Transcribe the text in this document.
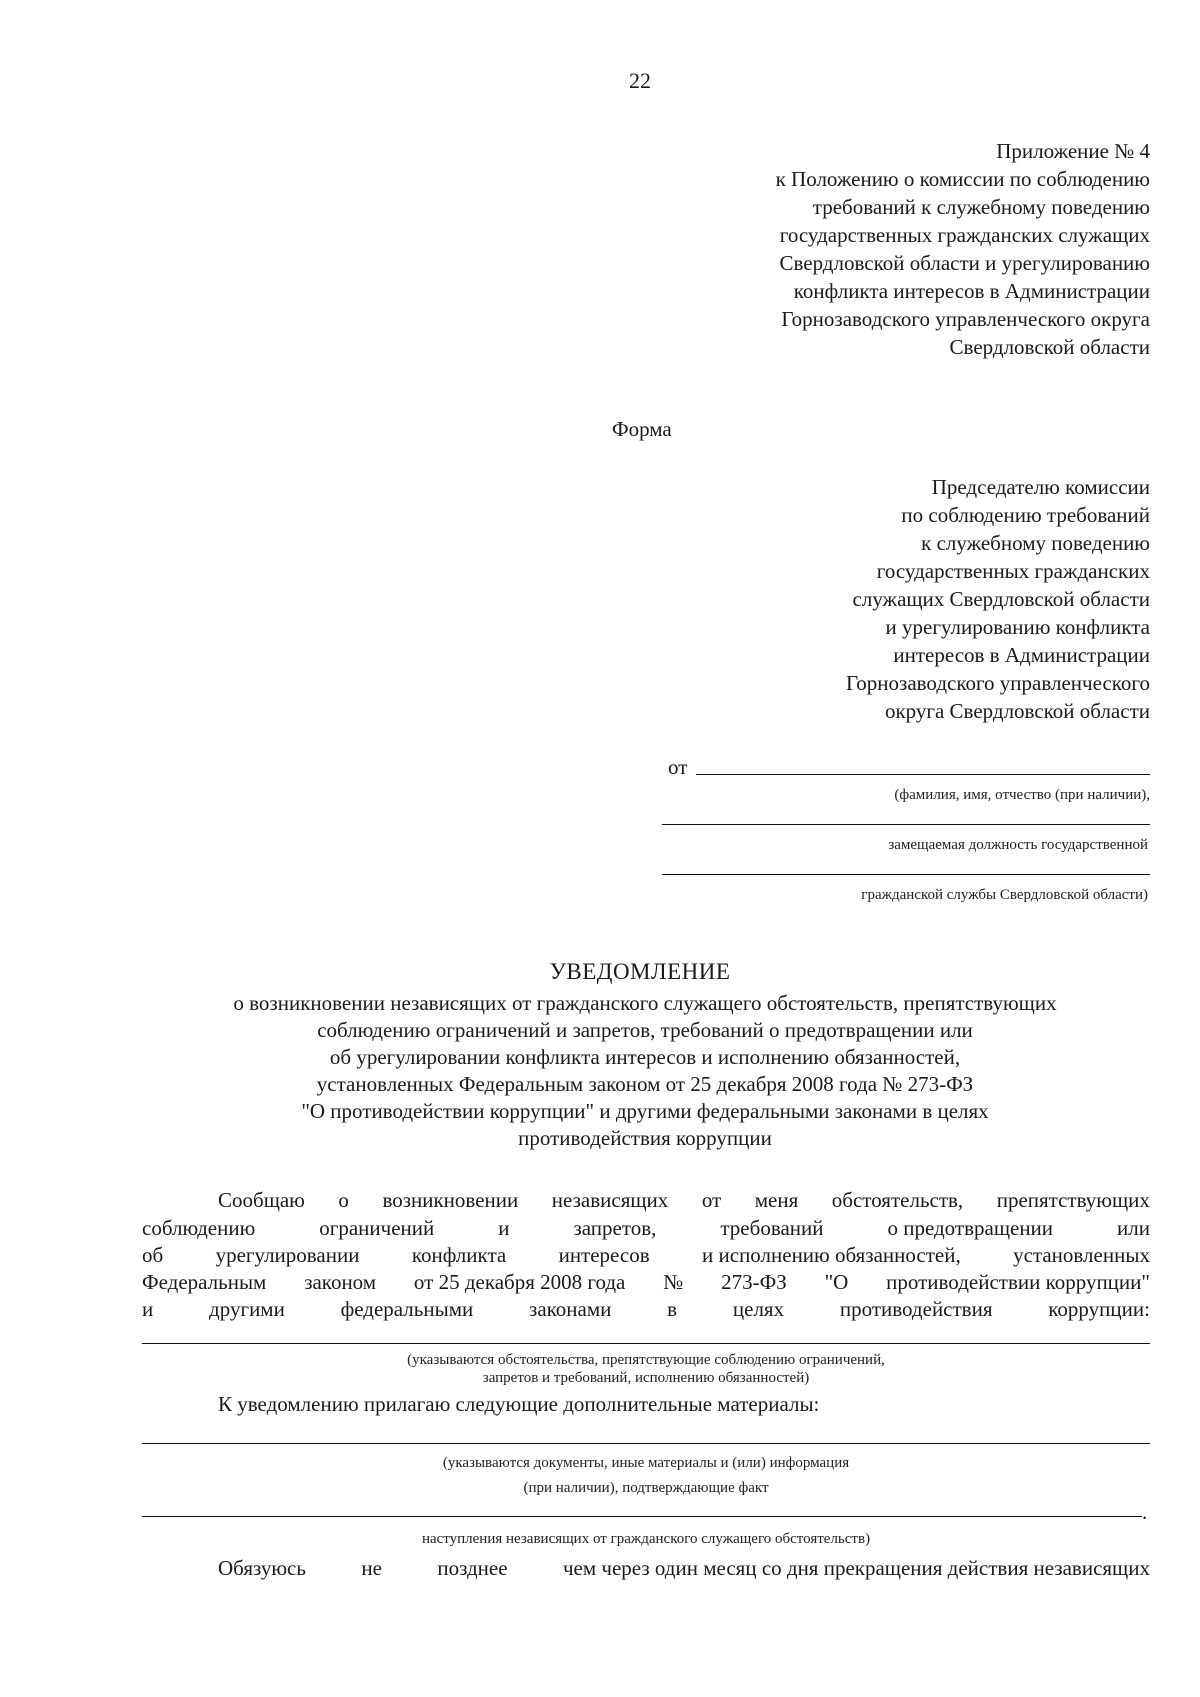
22
Приложение № 4
к Положению о комиссии по соблюдению
требований к служебному поведению
государственных гражданских служащих
Свердловской области и урегулированию
конфликта интересов в Администрации
Горнозаводского управленческого округа
Свердловской области
Форма
Председателю комиссии
по соблюдению требований
к служебному поведению
государственных гражданских
служащих Свердловской области
и урегулированию конфликта
интересов в Администрации
Горнозаводского управленческого
округа Свердловской области
от
(фамилия, имя, отчество (при наличии),
замещаемая должность государственной
гражданской службы Свердловской области)
УВЕДОМЛЕНИЕ
о возникновении независящих от гражданского служащего обстоятельств, препятствующих
соблюдению ограничений и запретов, требований о предотвращении или
об урегулировании конфликта интересов и исполнению обязанностей,
установленных Федеральным законом от 25 декабря 2008 года № 273-ФЗ
"О противодействии коррупции" и другими федеральными законами в целях
противодействия коррупции
Сообщаю о возникновении независящих от меня обстоятельств, препятствующих
соблюдению	ограничений	и	запретов,	требований	о предотвращении	или
об урегулировании конфликта интересов и исполнению обязанностей, установленных
Федеральным законом от 25 декабря 2008 года № 273-ФЗ "О противодействии коррупции"
и	другими	федеральными	законами	в	целях	противодействия	коррупции:
(указываются обстоятельства, препятствующие соблюдению ограничений,
запретов и требований, исполнению обязанностей)
К уведомлению прилагаю следующие дополнительные материалы:
(указываются документы, иные материалы и (или) информация
(при наличии), подтверждающие факт
.
наступления независящих от гражданского служащего обстоятельств)
Обязуюсь	не	позднее	чем через один месяц со дня прекращения действия независящих
